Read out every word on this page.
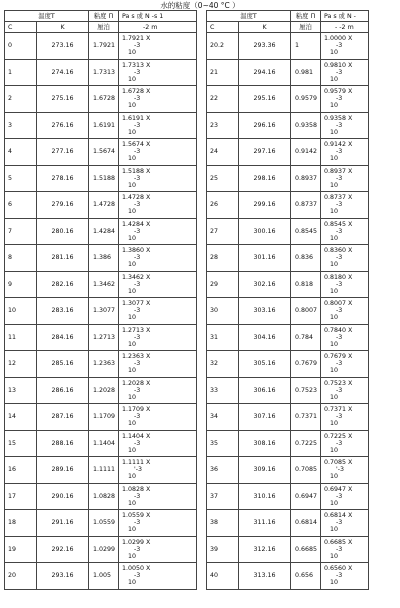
水的粘度（0~40 °C ）
温度T		粘度 Π	Pa s 或 N -s 1
C	K	厘泊	-2 m
0	273.16	1.7921	1.7921 X
-3
10

1	274.16	1.7313	1.7313 X
-3
10

2	275.16	1.6728	1.6728 X
-3
10

3	276.16	1.6191	1.6191 X
-3
10

4	277.16	1.5674	1.5674 X
-3
10

5	278.16	1.5188	1.5188 X
-3
10

6	279.16	1.4728	1.4728 X
-3
10

7	280.16	1.4284	1.4284 X
-3
10

8	281.16	1.386	1.3860 X
-3
10

9	282.16	1.3462	1.3462 X
-3
10

10	283.16	1.3077	1.3077 X
-3
10

11	284.16	1.2713	1.2713 X
-3
10

12	285.16	1.2363	1.2363 X
-3
10

13	286.16	1.2028	1.2028 X
-3
10

14	287.16	1.1709	1.1709 X
-3
10

15	288.16	1.1404	1.1404 X
-3
10

16	289.16	1.1111	1.1111 X
'-3
10

17	290.16	1.0828	1.0828 X
-3
10

18	291.16	1.0559	1.0559 X
-3
10

19	292.16	1.0299	1.0299 X
-3
10

20	293.16	1.005	1.0050 X
-3
10
温度T		粘度 Π	Pa s 或 N -
C	K	厘泊	- -2 m
20.2	293.36	1	1.0000 X
-3
10

21	294.16	0.981	0.9810 X
-3
10

22	295.16	0.9579	0.9579 X
-3
10

23	296.16	0.9358	0.9358 X
-3
10

24	297.16	0.9142	0.9142 X
-3
10

25	298.16	0.8937	0.8937 X
-3
10

26	299.16	0.8737	0.8737 X
-3
10

27	300.16	0.8545	0.8545 X
-3
10

28	301.16	0.836	0.8360 X
-3
10

29	302.16	0.818	0.8180 X
-3
10

30	303.16	0.8007	0.8007 X
-3
10

31	304.16	0.784	0.7840 X
-3
10

32	305.16	0.7679	0.7679 X
-3
10

33	306.16	0.7523	0.7523 X
-3
10

34	307.16	0.7371	0.7371 X
-3
10

35	308.16	0.7225	0.7225 X
-3
10

36	309.16	0.7085	0.7085 X
'-3
10

37	310.16	0.6947	0.6947 X
-3
10

38	311.16	0.6814	0.6814 X
-3
10

39	312.16	0.6685	0.6685 X
-3
10

40	313.16	0.656	0.6560 X
-3
10
